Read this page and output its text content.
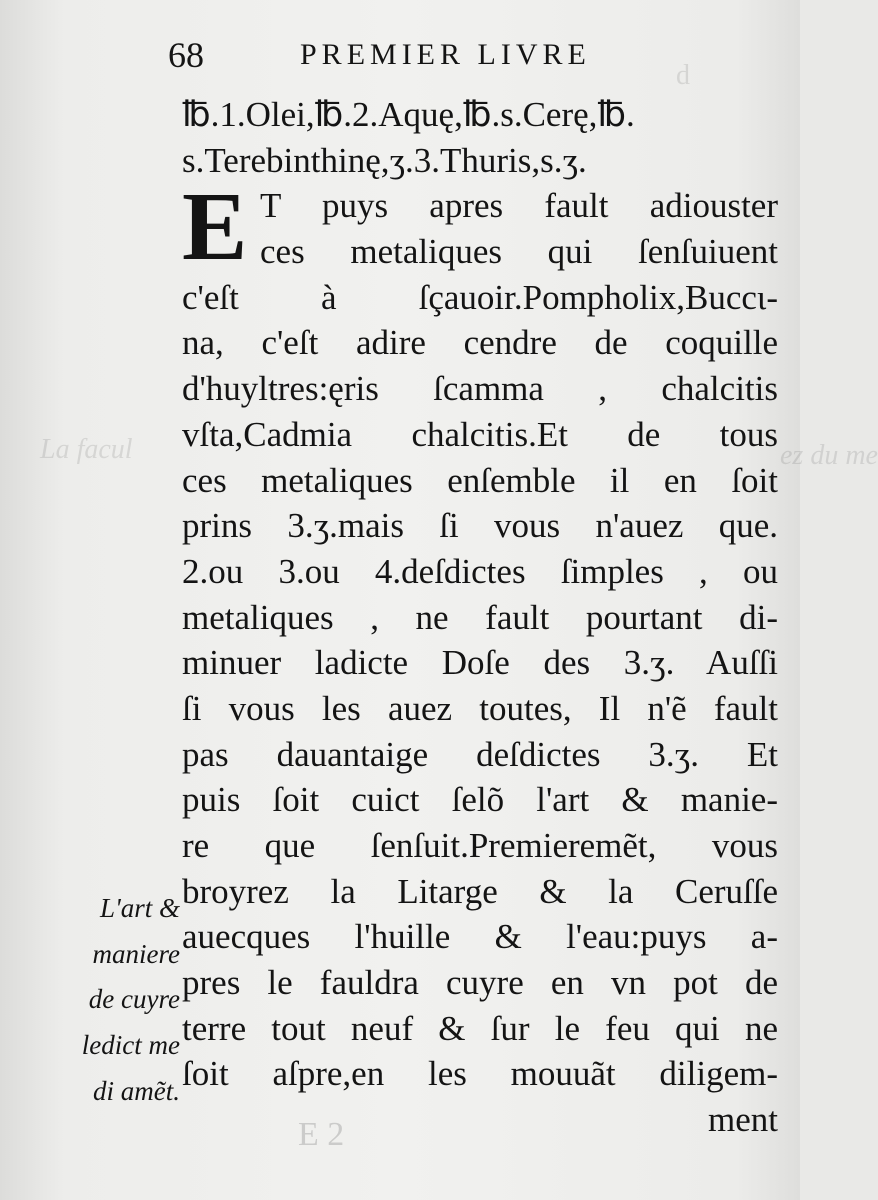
d
La facul	ez du me
68	PREMIER LIVRE
E
℔.1.Olei,℔.2.Aquę,℔.s.Cerę,℔.
s.Terebinthinę,ʒ.3.Thuris,s.ʒ.
T puys apres fault adiouster
ces metaliques qui ſenſuiuent
c'eſt à ſçauoir.Pompholix,Buccι-
na, c'eſt adire cendre de coquille
d'huyltres:ęris ſcamma , chalcitis
vſta,Cadmia chalcitis.Et de tous
ces metaliques enſemble il en ſoit
prins 3.ʒ.mais ſi vous n'auez que.
2.ou 3.ou 4.deſdictes ſimples , ou
metaliques , ne fault pourtant di-
minuer ladicte Doſe des 3.ʒ. Auſſi
ſi vous les auez toutes, Il n'ẽ fault
pas dauantaige deſdictes 3.ʒ. Et
puis ſoit cuict ſelõ l'art & manie-
re que ſenſuit.Premieremẽt, vous
broyrez la Litarge & la Ceruſſe
auecques l'huille & l'eau:puys a-
pres le fauldra cuyre en vn pot de
terre tout neuf & ſur le feu qui ne
ſoit aſpre,en les mouuãt diligem-
ment
L'art &
maniere
de cuyre
ledict me
di amẽt.
E 2
